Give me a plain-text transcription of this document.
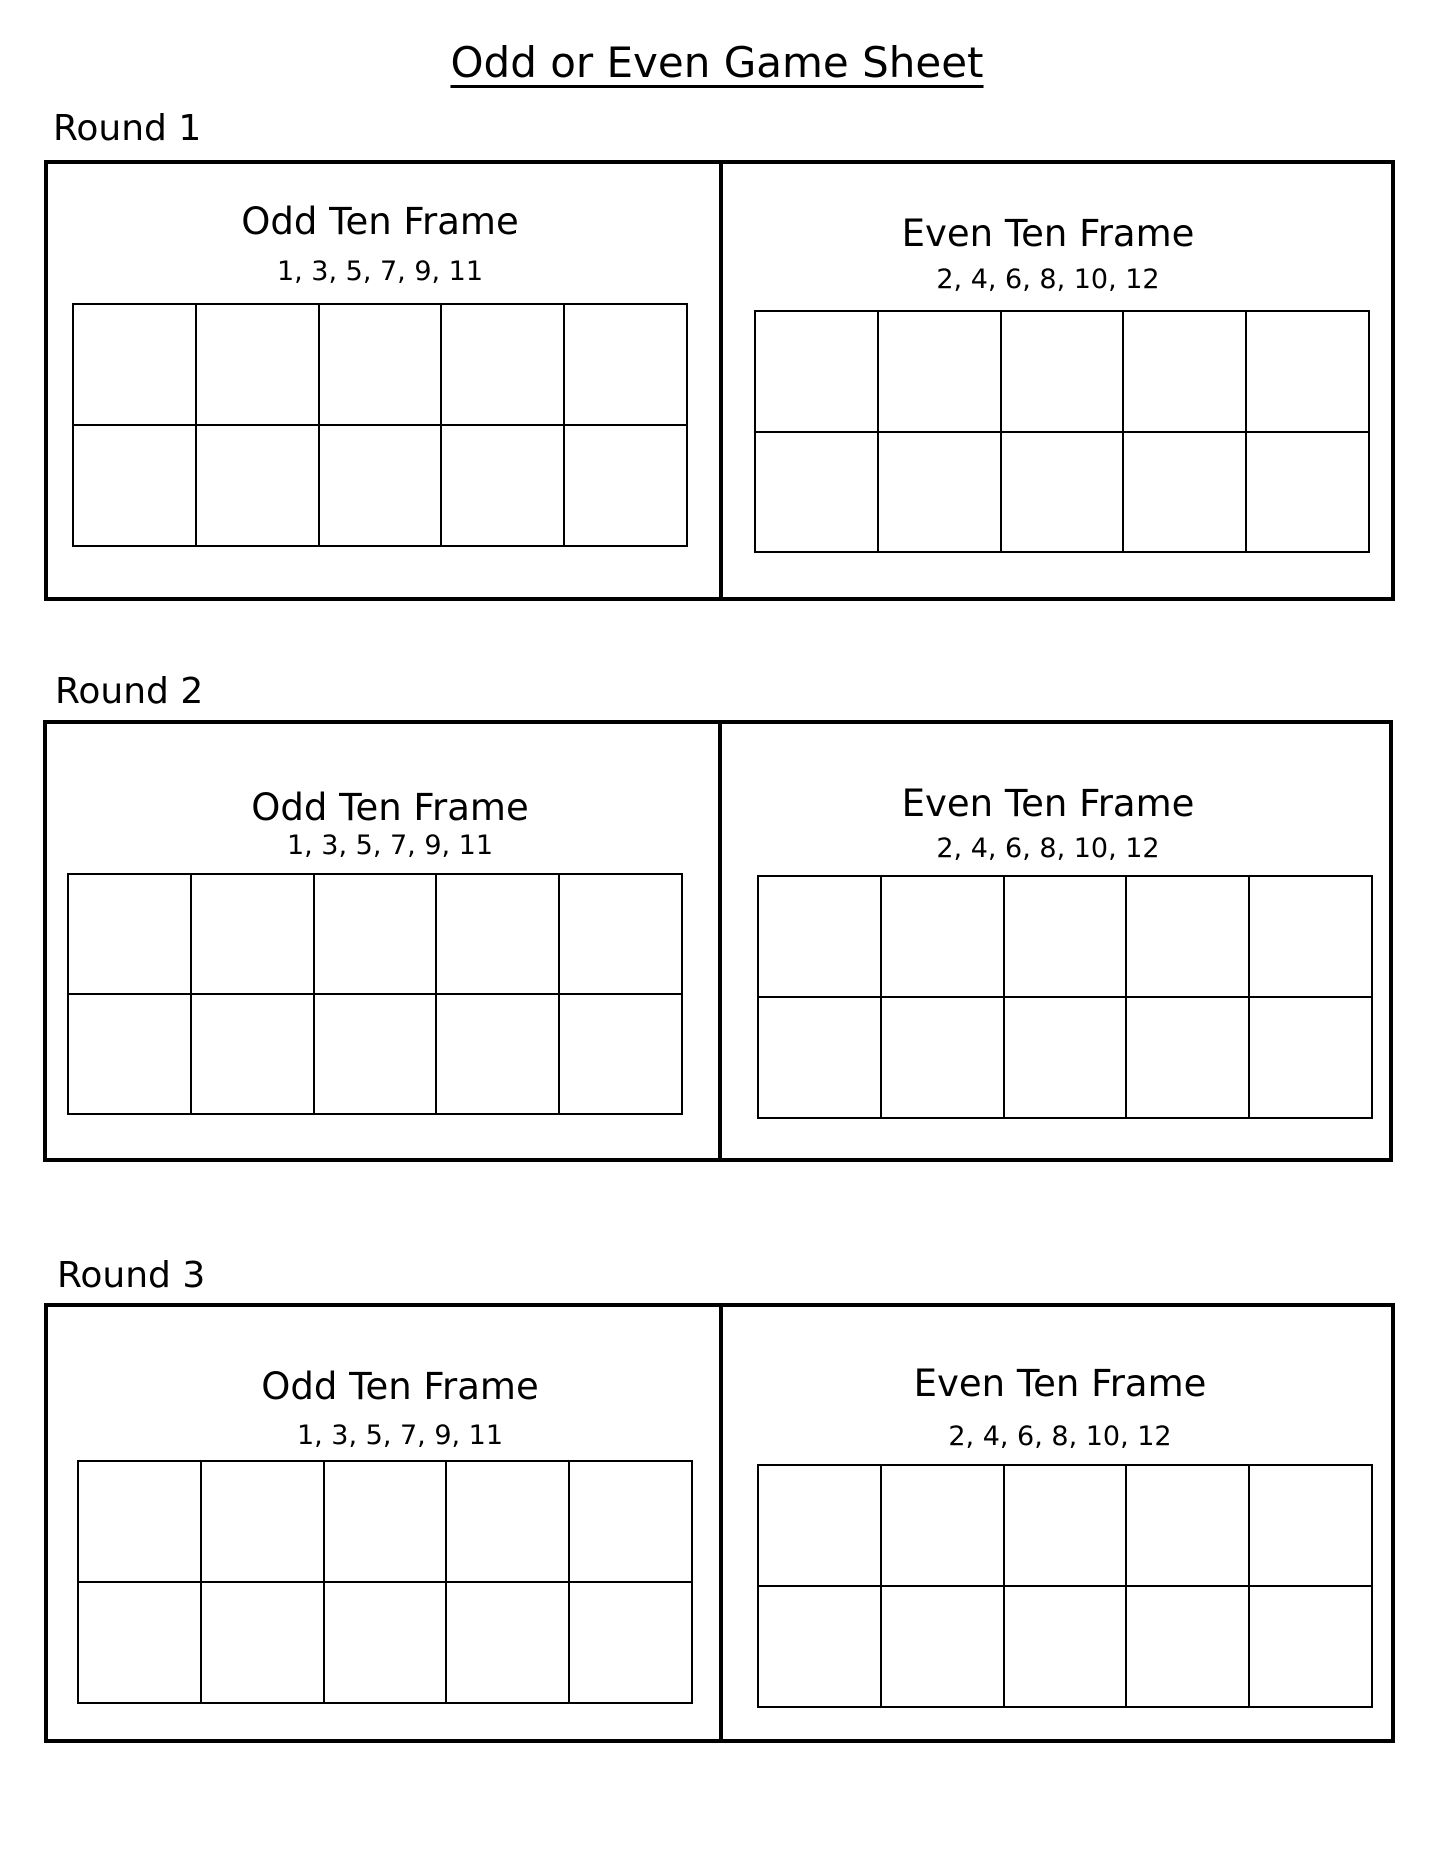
Odd or Even Game Sheet
Round 1
Odd Ten Frame
1, 3, 5, 7, 9, 11
Even Ten Frame
2, 4, 6, 8, 10, 12
Round 2
Odd Ten Frame
1, 3, 5, 7, 9, 11
Even Ten Frame
2, 4, 6, 8, 10, 12
Round 3
Odd Ten Frame
1, 3, 5, 7, 9, 11
Even Ten Frame
2, 4, 6, 8, 10, 12
